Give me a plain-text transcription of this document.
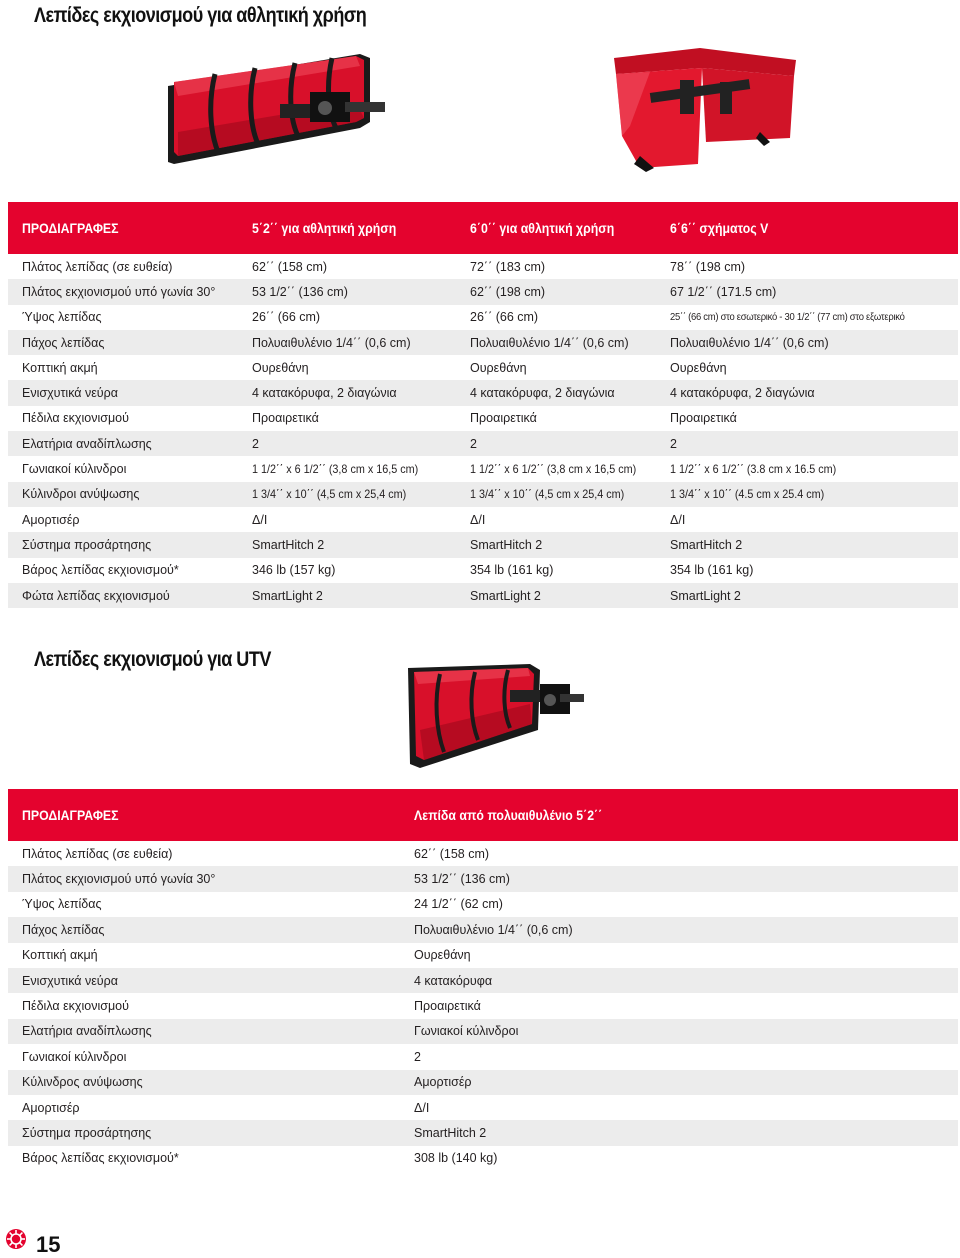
Λεπίδες εκχιονισμού για αθλητική χρήση
ΠΡΟΔΙΑΓΡΑΦΕΣ	5΄2΄΄ για αθλητική χρήση	6΄0΄΄ για αθλητική χρήση	6΄6΄΄ σχήματος V
Πλάτος λεπίδας (σε ευθεία)	62΄΄ (158 cm)	72΄΄ (183 cm)	78΄΄ (198 cm)
Πλάτος εκχιονισμού υπό γωνία 30°	53 1/2΄΄ (136 cm)	62΄΄ (198 cm)	67 1/2΄΄ (171.5 cm)
Ύψος λεπίδας	26΄΄ (66 cm)	26΄΄ (66 cm)	25΄΄ (66 cm) στο εσωτερικό - 30 1/2΄΄ (77 cm) στο εξωτερικό
Πάχος λεπίδας	Πολυαιθυλένιο 1/4΄΄ (0,6 cm)	Πολυαιθυλένιο 1/4΄΄ (0,6 cm)	Πολυαιθυλένιο 1/4΄΄ (0,6 cm)
Κοπτική ακμή	Ουρεθάνη	Ουρεθάνη	Ουρεθάνη
Ενισχυτικά νεύρα	4 κατακόρυφα, 2 διαγώνια	4 κατακόρυφα, 2 διαγώνια	4 κατακόρυφα, 2 διαγώνια
Πέδιλα εκχιονισμού	Προαιρετικά	Προαιρετικά	Προαιρετικά
Ελατήρια αναδίπλωσης	2	2	2
Γωνιακοί κύλινδροι	1 1/2΄΄ x 6 1/2΄΄ (3,8 cm x 16,5 cm)	1 1/2΄΄ x 6 1/2΄΄ (3,8 cm x 16,5 cm)	1 1/2΄΄ x 6 1/2΄΄ (3.8 cm x 16.5 cm)
Κύλινδροι ανύψωσης	1 3/4΄΄ x 10΄΄ (4,5 cm x 25,4 cm)	1 3/4΄΄ x 10΄΄ (4,5 cm x 25,4 cm)	1 3/4΄΄ x 10΄΄ (4.5 cm x 25.4 cm)
Αμορτισέρ	Δ/Ι	Δ/Ι	Δ/Ι
Σύστημα προσάρτησης	SmartHitch 2	SmartHitch 2	SmartHitch 2
Βάρος λεπίδας εκχιονισμού*	346 lb (157 kg)	354 lb (161 kg)	354 lb (161 kg)
Φώτα λεπίδας εκχιονισμού	SmartLight 2	SmartLight 2	SmartLight 2
Λεπίδες εκχιονισμού για UTV
ΠΡΟΔΙΑΓΡΑΦΕΣ	Λεπίδα από πολυαιθυλένιο 5΄2΄΄
Πλάτος λεπίδας (σε ευθεία)	62΄΄ (158 cm)
Πλάτος εκχιονισμού υπό γωνία 30°	53 1/2΄΄ (136 cm)
Ύψος λεπίδας	24 1/2΄΄ (62 cm)
Πάχος λεπίδας	Πολυαιθυλένιο 1/4΄΄ (0,6 cm)
Κοπτική ακμή	Ουρεθάνη
Ενισχυτικά νεύρα	4 κατακόρυφα
Πέδιλα εκχιονισμού	Προαιρετικά
Ελατήρια αναδίπλωσης	Γωνιακοί κύλινδροι
Γωνιακοί κύλινδροι	2
Κύλινδρος ανύψωσης	Αμορτισέρ
Αμορτισέρ	Δ/Ι
Σύστημα προσάρτησης	SmartHitch 2
Βάρος λεπίδας εκχιονισμού*	308 lb (140 kg)
15
